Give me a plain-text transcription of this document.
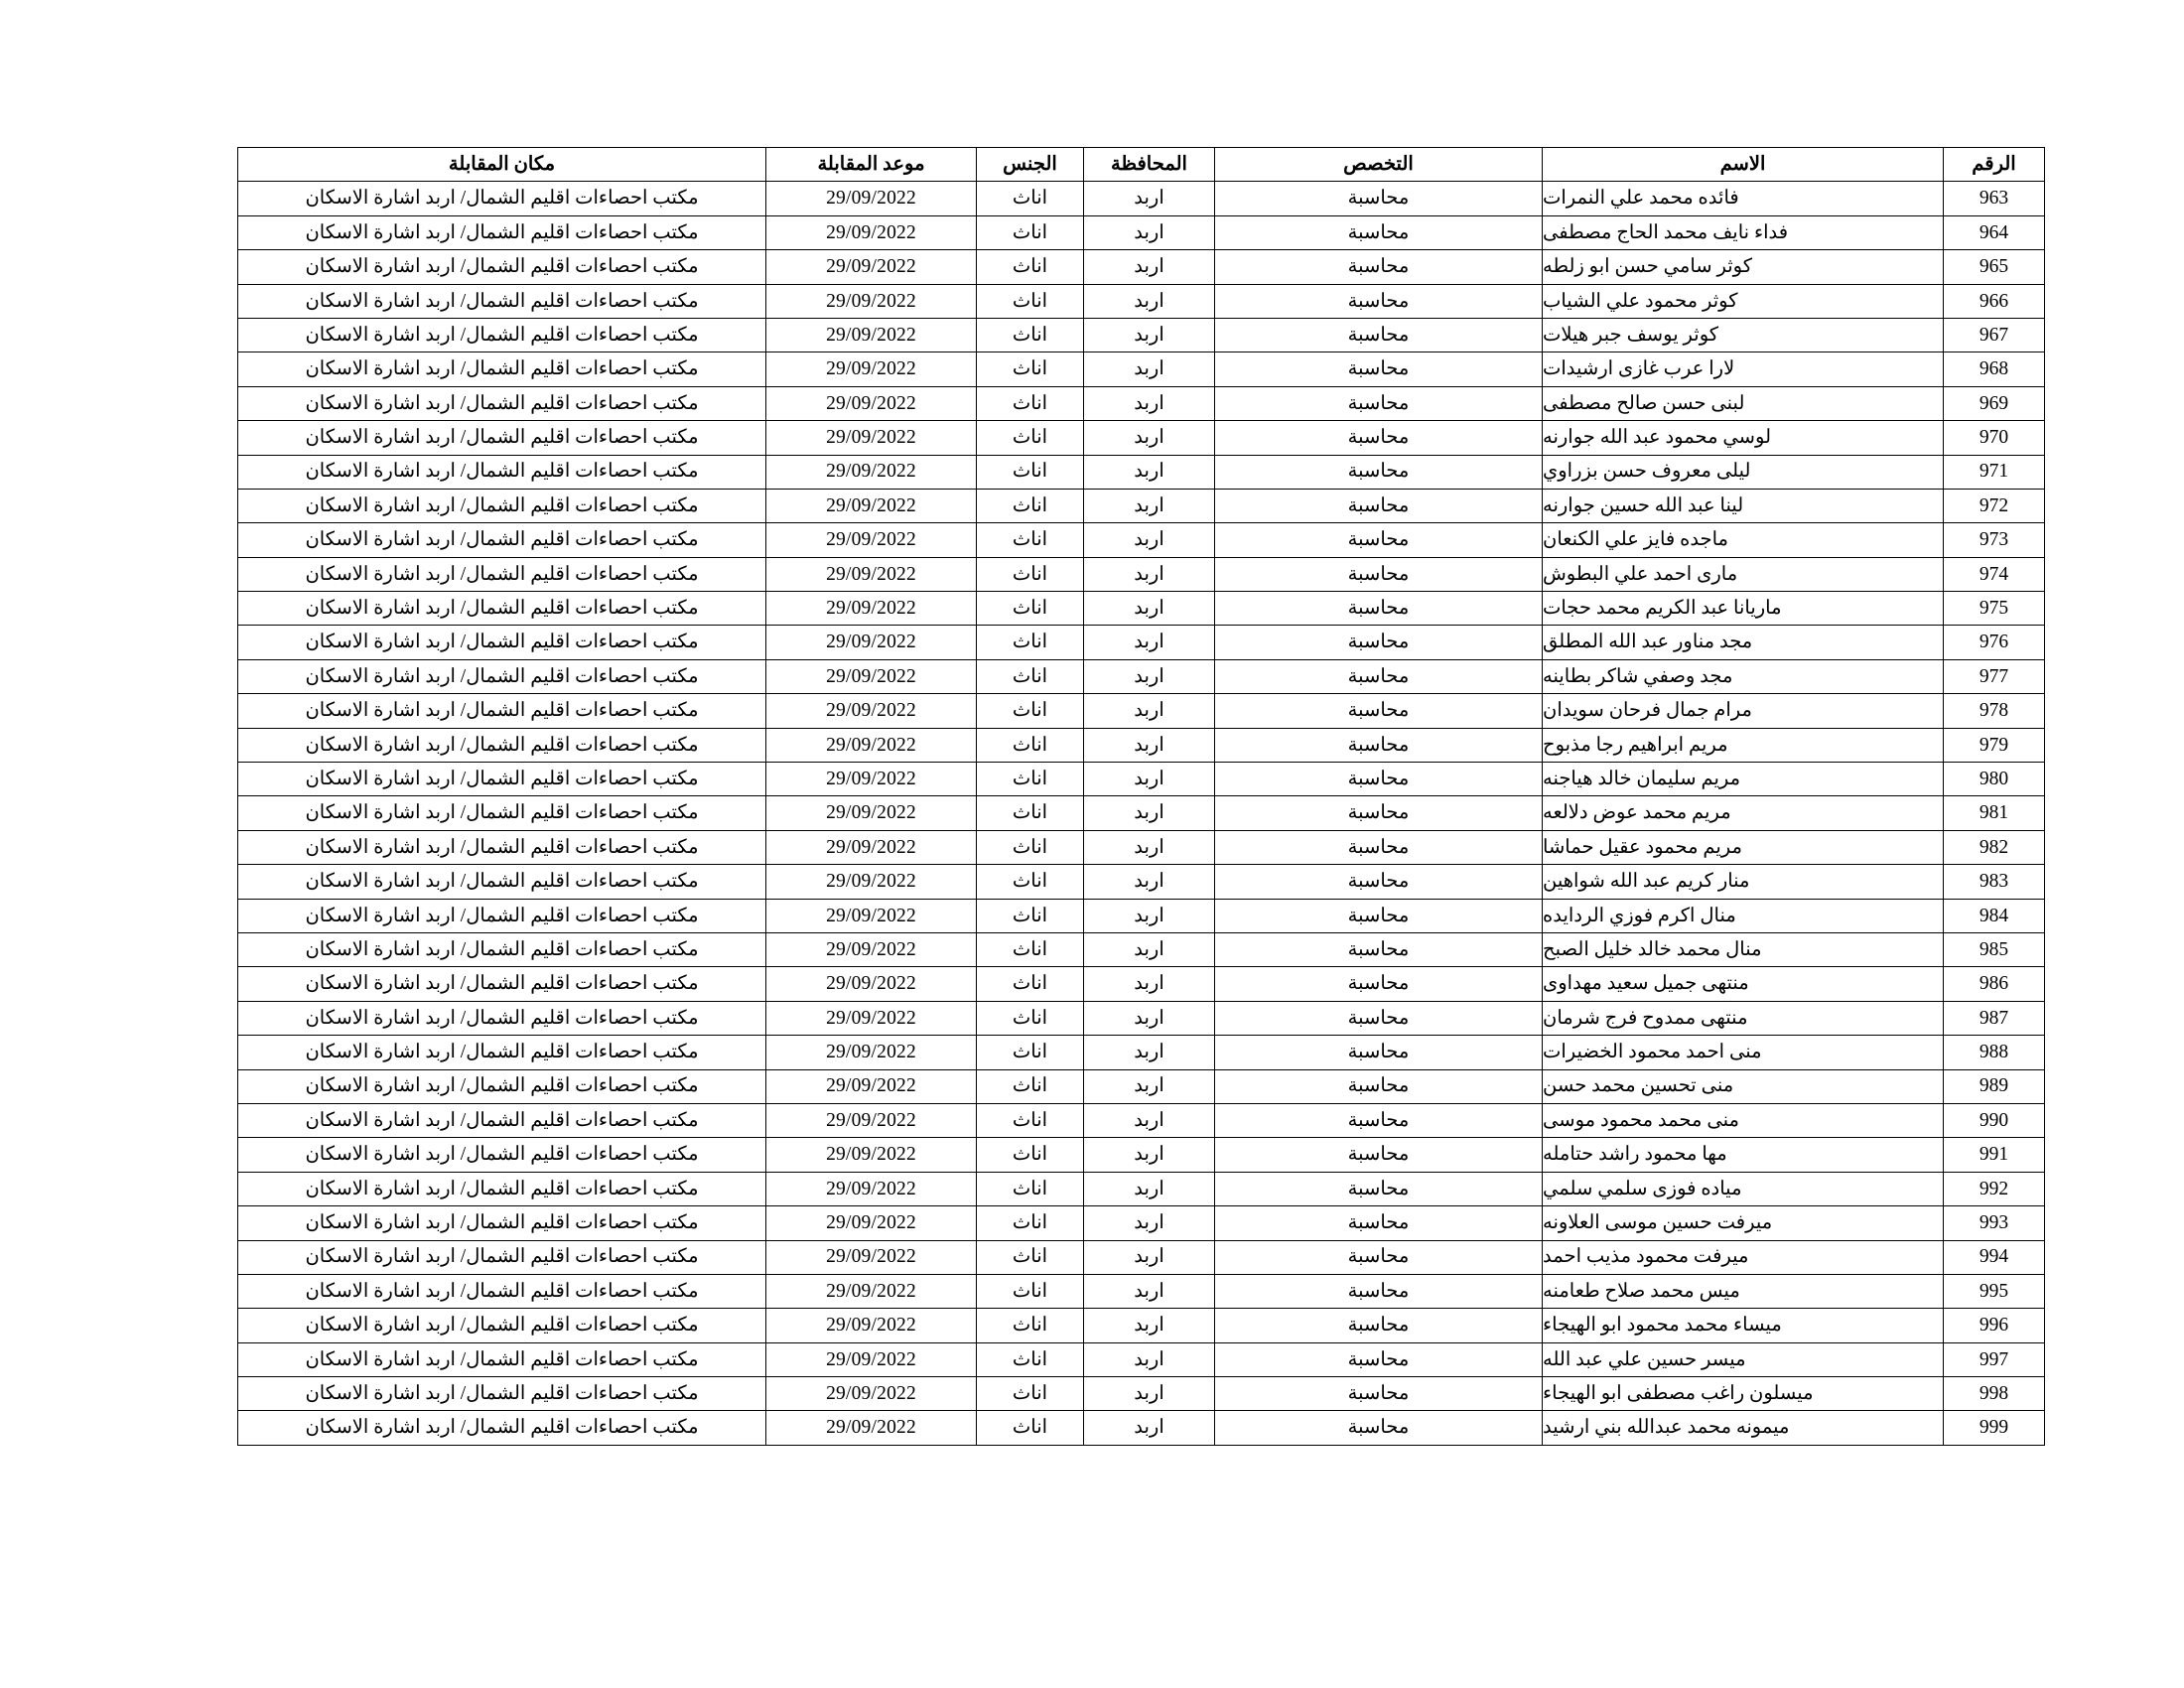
الرقم	الاسم	التخصص	المحافظة	الجنس	موعد المقابلة	مكان المقابلة
963	فائده محمد علي النمرات	محاسبة	اربد	اناث	29/09/2022	مكتب احصاءات اقليم الشمال/ اربد اشارة الاسكان
964	فداء نايف محمد الحاج مصطفى	محاسبة	اربد	اناث	29/09/2022	مكتب احصاءات اقليم الشمال/ اربد اشارة الاسكان
965	كوثر سامي حسن ابو زلطه	محاسبة	اربد	اناث	29/09/2022	مكتب احصاءات اقليم الشمال/ اربد اشارة الاسكان
966	كوثر محمود علي الشياب	محاسبة	اربد	اناث	29/09/2022	مكتب احصاءات اقليم الشمال/ اربد اشارة الاسكان
967	كوثر يوسف جبر هيلات	محاسبة	اربد	اناث	29/09/2022	مكتب احصاءات اقليم الشمال/ اربد اشارة الاسكان
968	لارا عرب غازى ارشيدات	محاسبة	اربد	اناث	29/09/2022	مكتب احصاءات اقليم الشمال/ اربد اشارة الاسكان
969	لبنى حسن صالح مصطفى	محاسبة	اربد	اناث	29/09/2022	مكتب احصاءات اقليم الشمال/ اربد اشارة الاسكان
970	لوسي محمود عبد الله جوارنه	محاسبة	اربد	اناث	29/09/2022	مكتب احصاءات اقليم الشمال/ اربد اشارة الاسكان
971	ليلى معروف حسن بزراوي	محاسبة	اربد	اناث	29/09/2022	مكتب احصاءات اقليم الشمال/ اربد اشارة الاسكان
972	لينا عبد الله حسين جوارنه	محاسبة	اربد	اناث	29/09/2022	مكتب احصاءات اقليم الشمال/ اربد اشارة الاسكان
973	ماجده فايز علي الكنعان	محاسبة	اربد	اناث	29/09/2022	مكتب احصاءات اقليم الشمال/ اربد اشارة الاسكان
974	مارى احمد علي البطوش	محاسبة	اربد	اناث	29/09/2022	مكتب احصاءات اقليم الشمال/ اربد اشارة الاسكان
975	ماريانا عبد الكريم محمد حجات	محاسبة	اربد	اناث	29/09/2022	مكتب احصاءات اقليم الشمال/ اربد اشارة الاسكان
976	مجد مناور عبد الله المطلق	محاسبة	اربد	اناث	29/09/2022	مكتب احصاءات اقليم الشمال/ اربد اشارة الاسكان
977	مجد وصفي شاكر بطاينه	محاسبة	اربد	اناث	29/09/2022	مكتب احصاءات اقليم الشمال/ اربد اشارة الاسكان
978	مرام جمال فرحان سويدان	محاسبة	اربد	اناث	29/09/2022	مكتب احصاءات اقليم الشمال/ اربد اشارة الاسكان
979	مريم ابراهيم رجا مذبوح	محاسبة	اربد	اناث	29/09/2022	مكتب احصاءات اقليم الشمال/ اربد اشارة الاسكان
980	مريم سليمان خالد هياجنه	محاسبة	اربد	اناث	29/09/2022	مكتب احصاءات اقليم الشمال/ اربد اشارة الاسكان
981	مريم محمد عوض دلالعه	محاسبة	اربد	اناث	29/09/2022	مكتب احصاءات اقليم الشمال/ اربد اشارة الاسكان
982	مريم محمود عقيل حماشا	محاسبة	اربد	اناث	29/09/2022	مكتب احصاءات اقليم الشمال/ اربد اشارة الاسكان
983	منار كريم عبد الله شواهين	محاسبة	اربد	اناث	29/09/2022	مكتب احصاءات اقليم الشمال/ اربد اشارة الاسكان
984	منال اكرم فوزي الردايده	محاسبة	اربد	اناث	29/09/2022	مكتب احصاءات اقليم الشمال/ اربد اشارة الاسكان
985	منال محمد خالد خليل الصبح	محاسبة	اربد	اناث	29/09/2022	مكتب احصاءات اقليم الشمال/ اربد اشارة الاسكان
986	منتهى جميل سعيد مهداوى	محاسبة	اربد	اناث	29/09/2022	مكتب احصاءات اقليم الشمال/ اربد اشارة الاسكان
987	منتهى ممدوح فرج شرمان	محاسبة	اربد	اناث	29/09/2022	مكتب احصاءات اقليم الشمال/ اربد اشارة الاسكان
988	منى احمد محمود الخضيرات	محاسبة	اربد	اناث	29/09/2022	مكتب احصاءات اقليم الشمال/ اربد اشارة الاسكان
989	منى تحسين محمد حسن	محاسبة	اربد	اناث	29/09/2022	مكتب احصاءات اقليم الشمال/ اربد اشارة الاسكان
990	منى محمد محمود موسى	محاسبة	اربد	اناث	29/09/2022	مكتب احصاءات اقليم الشمال/ اربد اشارة الاسكان
991	مها محمود راشد حتامله	محاسبة	اربد	اناث	29/09/2022	مكتب احصاءات اقليم الشمال/ اربد اشارة الاسكان
992	مياده فوزى سلمي سلمي	محاسبة	اربد	اناث	29/09/2022	مكتب احصاءات اقليم الشمال/ اربد اشارة الاسكان
993	ميرفت حسين موسى العلاونه	محاسبة	اربد	اناث	29/09/2022	مكتب احصاءات اقليم الشمال/ اربد اشارة الاسكان
994	ميرفت محمود مذيب احمد	محاسبة	اربد	اناث	29/09/2022	مكتب احصاءات اقليم الشمال/ اربد اشارة الاسكان
995	ميس محمد صلاح طعامنه	محاسبة	اربد	اناث	29/09/2022	مكتب احصاءات اقليم الشمال/ اربد اشارة الاسكان
996	ميساء محمد محمود ابو الهيجاء	محاسبة	اربد	اناث	29/09/2022	مكتب احصاءات اقليم الشمال/ اربد اشارة الاسكان
997	ميسر حسين علي عبد الله	محاسبة	اربد	اناث	29/09/2022	مكتب احصاءات اقليم الشمال/ اربد اشارة الاسكان
998	ميسلون راغب مصطفى ابو الهيجاء	محاسبة	اربد	اناث	29/09/2022	مكتب احصاءات اقليم الشمال/ اربد اشارة الاسكان
999	ميمونه محمد عبدالله بني ارشيد	محاسبة	اربد	اناث	29/09/2022	مكتب احصاءات اقليم الشمال/ اربد اشارة الاسكان
